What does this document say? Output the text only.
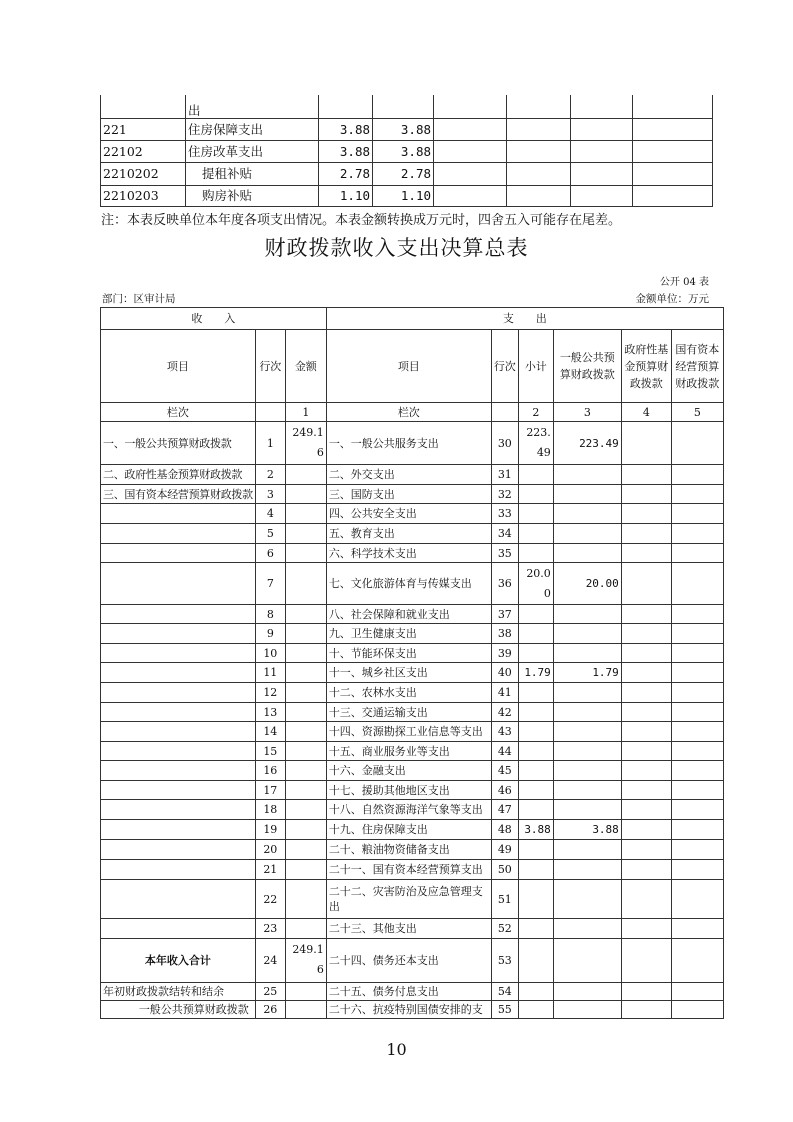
	出						
221	住房保障支出	3.88	3.88				
22102	住房改革支出	3.88	3.88				
2210202	提租补贴	2.78	2.78				
2210203	购房补贴	1.10	1.10				
注：本表反映单位本年度各项支出情况。本表金额转换成万元时，四舍五入可能存在尾差。
财政拨款收入支出决算总表
公开 04 表
部门：区审计局	金额单位：万元
收　　入			支　　出					
项目	行次	金额	项目	行次	小计	一般公共预算财政拨款	政府性基金预算财政拨款	国有资本经营预算财政拨款
栏次		1	栏次		2	3	4	5
一、一般公共预算财政拨款	1	249.16	一、一般公共服务支出	30	223.49	223.49		
二、政府性基金预算财政拨款	2		二、外交支出	31				
三、国有资本经营预算财政拨款	3		三、国防支出	32				
	4		四、公共安全支出	33				
	5		五、教育支出	34				
	6		六、科学技术支出	35				
	7		七、文化旅游体育与传媒支出	36	20.00	20.00		
	8		八、社会保障和就业支出	37				
	9		九、卫生健康支出	38				
	10		十、节能环保支出	39				
	11		十一、城乡社区支出	40	1.79	1.79		
	12		十二、农林水支出	41				
	13		十三、交通运输支出	42				
	14		十四、资源勘探工业信息等支出	43				
	15		十五、商业服务业等支出	44				
	16		十六、金融支出	45				
	17		十七、援助其他地区支出	46				
	18		十八、自然资源海洋气象等支出	47				
	19		十九、住房保障支出	48	3.88	3.88		
	20		二十、粮油物资储备支出	49				
	21		二十一、国有资本经营预算支出	50				
	22		二十二、灾害防治及应急管理支出	51				
	23		二十三、其他支出	52				
本年收入合计	24	249.16	二十四、债务还本支出	53				
年初财政拨款结转和结余	25		二十五、债务付息支出	54				
一般公共预算财政拨款	26		二十六、抗疫特别国债安排的支	55				
10
